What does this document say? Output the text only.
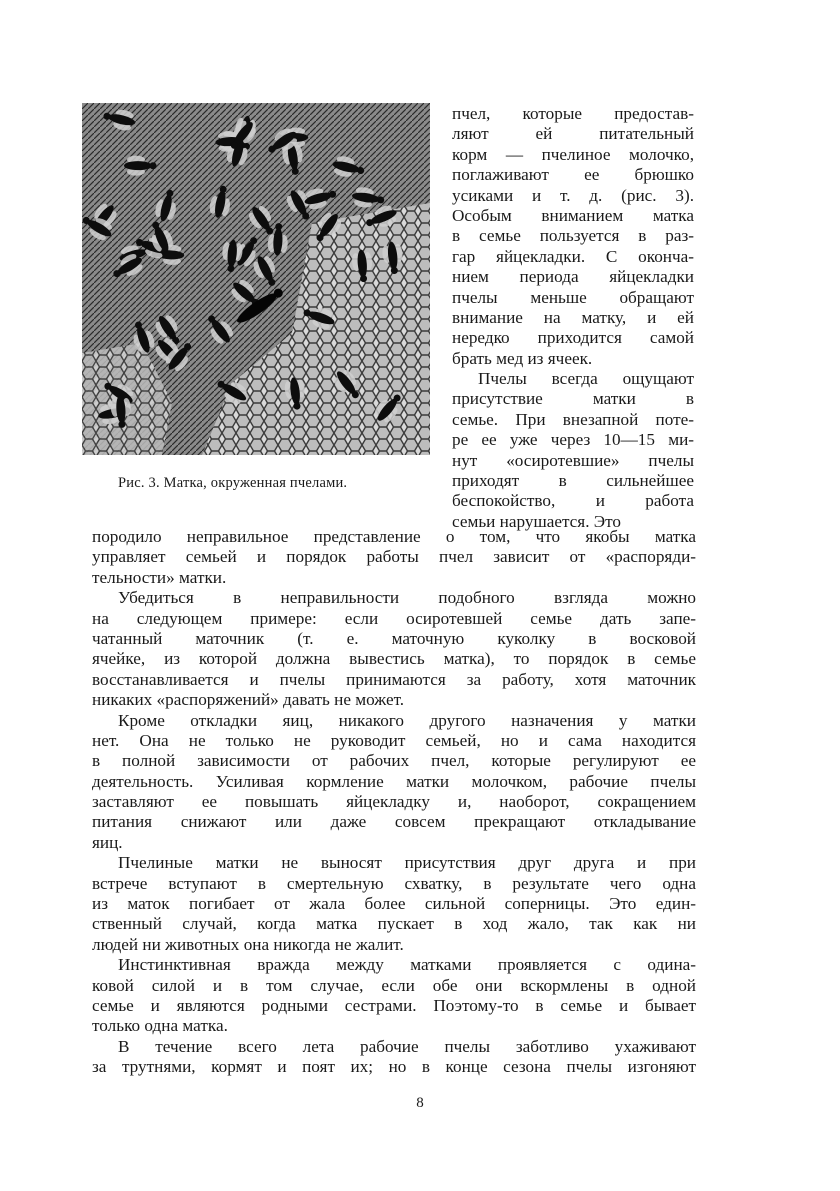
Рис. 3. Матка, окруженная пчелами.
пчел, которые предостав-
ляют ей питательный
корм — пчелиное молочко,
поглаживают ее брюшко
усиками и т. д. (рис. 3).
Особым вниманием матка
в семье пользуется в раз-
гар яйцекладки. С оконча-
нием периода яйцекладки
пчелы меньше обращают
внимание на матку, и ей
нередко приходится самой
брать мед из ячеек.
Пчелы всегда ощущают
присутствие матки в
семье. При внезапной поте-
ре ее уже через 10—15 ми-
нут «осиротевшие» пчелы
приходят в сильнейшее
беспокойство, и работа
семьи нарушается. Это
породило неправильное представление о том, что якобы матка
управляет семьей и порядок работы пчел зависит от «распоряди-
тельности» матки.
Убедиться в неправильности подобного взгляда можно
на следующем примере: если осиротевшей семье дать запе-
чатанный маточник (т. е. маточную куколку в восковой
ячейке, из которой должна вывестись матка), то порядок в семье
восстанавливается и пчелы принимаются за работу, хотя маточник
никаких «распоряжений» давать не может.
Кроме откладки яиц, никакого другого назначения у матки
нет. Она не только не руководит семьей, но и сама находится
в полной зависимости от рабочих пчел, которые регулируют ее
деятельность. Усиливая кормление матки молочком, рабочие пчелы
заставляют ее повышать яйцекладку и, наоборот, сокращением
питания снижают или даже совсем прекращают откладывание
яиц.
Пчелиные матки не выносят присутствия друг друга и при
встрече вступают в смертельную схватку, в результате чего одна
из маток погибает от жала более сильной соперницы. Это един-
ственный случай, когда матка пускает в ход жало, так как ни
людей ни животных она никогда не жалит.
Инстинктивная вражда между матками проявляется с одина-
ковой силой и в том случае, если обе они вскормлены в одной
семье и являются родными сестрами. Поэтому-то в семье и бывает
только одна матка.
В течение всего лета рабочие пчелы заботливо ухаживают
за трутнями, кормят и поят их; но в конце сезона пчелы изгоняют
8
